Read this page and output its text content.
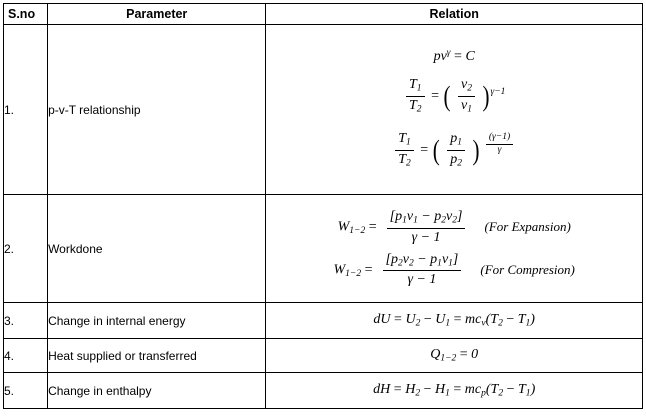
S.no	Parameter	Relation
1.	p-v-T relationship	
$pv^\gamma = C$
$\frac{T_1}{T_2}$ = ( $\frac{v_2}{v_1} )^{\gamma-1}$
$\frac{T_1}{T_2}$ = ( $\frac{p_1}{p_2}$ ) $^{\frac{(\gamma-1)}{\gamma}}$

2.	Workdone	
$W_{1-2} = \frac{[p_1v_1 - p_2v_2]}{\gamma - 1} (For$ Expansion)
$W_{1-2} = \frac{[p_2v_2 - p_1v_1]}{\gamma - 1} (For$ Compresion)

3.	Change in internal energy	dU = $U_2 - U_1 = mc_v(T_2 - T_1)$

4.	Heat supplied or transferred	$Q_{1-2} = 0$

5.	Change in enthalpy	dH = $H_2 - H_1 = mc_p(T_2 - T_1)$
